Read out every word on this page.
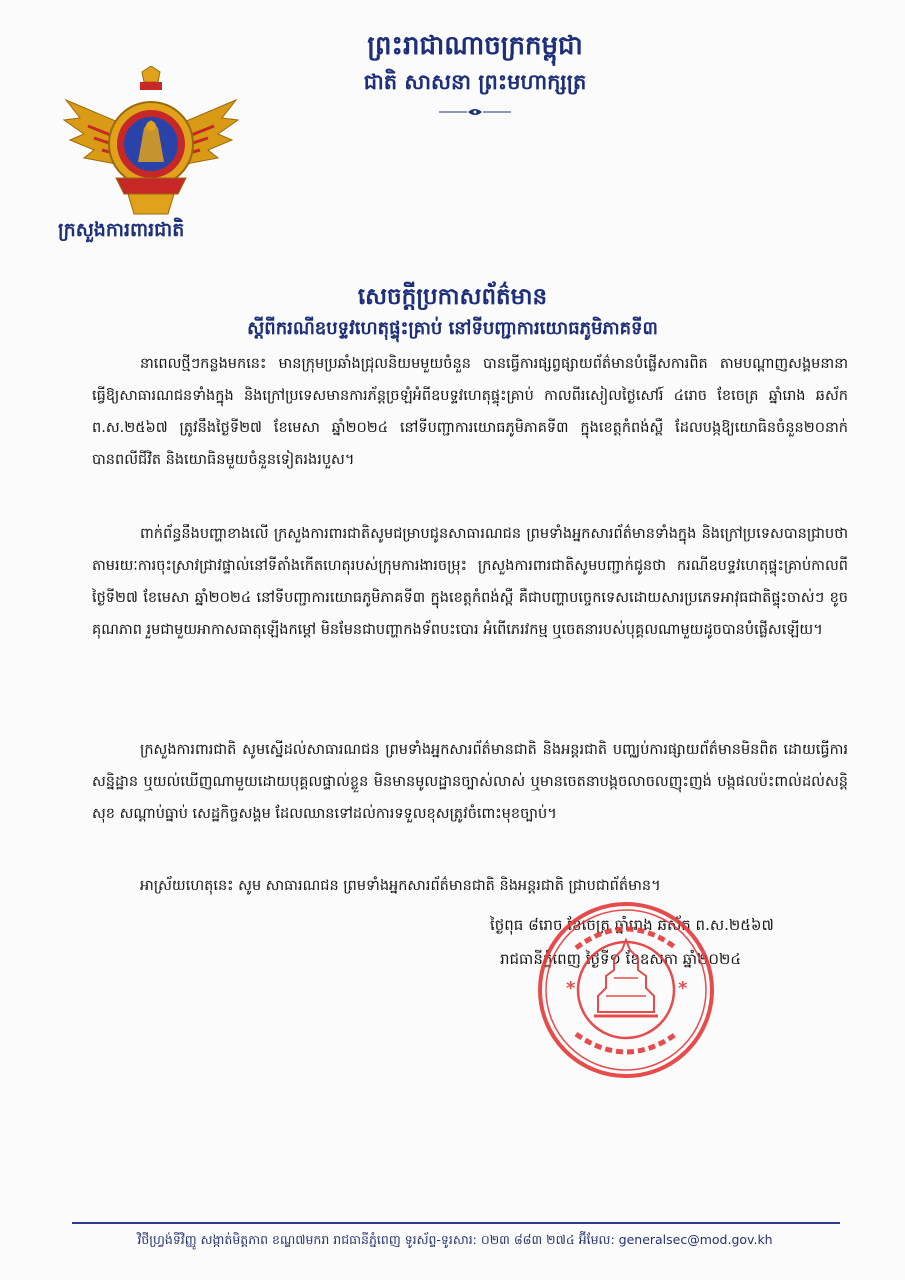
ព្រះរាជាណាចក្រកម្ពុជា
ជាតិ សាសនា ព្រះមហាក្សត្រ
ក្រសួងការពារជាតិ
សេចក្តីប្រកាសព័ត៌មាន
ស្តីពីករណីឧបទ្ទវហេតុផ្ទុះគ្រាប់ នៅទីបញ្ជាការយោធភូមិភាគទី៣
នាពេលថ្មីៗកន្លងមកនេះ មានក្រុមប្រឆាំងជ្រុលនិយមមួយចំនួន បានធ្វើការផ្សព្វផ្សាយព័ត៌មានបំផ្លើសការពិត តាមបណ្តាញសង្គមនានា ធ្វើឱ្យសាធារណជនទាំងក្នុង និងក្រៅប្រទេសមានការភ័ន្តច្រឡំអំពីឧបទ្ទវហេតុផ្ទុះគ្រាប់ កាលពីរសៀលថ្ងៃសៅរ៍ ៤រោច ខែចេត្រ ឆ្នាំរោង ឆស័ក ព.ស.២៥៦៧ ត្រូវនឹងថ្ងៃទី២៧ ខែមេសា ឆ្នាំ២០២៤ នៅទីបញ្ជាការយោធភូមិភាគទី៣ ក្នុងខេត្តកំពង់ស្ពឺ ដែលបង្កឱ្យយោធិនចំនួន២០នាក់ បានពលីជីវិត និងយោធិនមួយចំនួនទៀតរងរបួស។
ពាក់ព័ន្ធនឹងបញ្ហាខាងលើ ក្រសួងការពារជាតិសូមជម្រាបជូនសាធារណជន ព្រមទាំងអ្នកសារព័ត៌មានទាំងក្នុង និងក្រៅប្រទេសបានជ្រាបថា តាមរយៈការចុះស្រាវជ្រាវផ្ទាល់នៅទីតាំងកើតហេតុរបស់ក្រុមការងារចម្រុះ ក្រសួងការពារជាតិសូមបញ្ជាក់ជូនថា ករណីឧបទ្ទវហេតុផ្ទុះគ្រាប់កាលពីថ្ងៃទី២៧ ខែមេសា ឆ្នាំ២០២៤ នៅទីបញ្ជាការយោធភូមិភាគទី៣ ក្នុងខេត្តកំពង់ស្ពឺ គឺជាបញ្ហាបច្ចេកទេសដោយសារប្រភេទអាវុធជាតិផ្ទុះចាស់ៗ ខូចគុណភាព រួមជាមួយអាកាសធាតុឡើងកម្តៅ មិនមែនជាបញ្ហាកងទ័ពបះបោរ អំពើភេរវកម្ម ឬចេតនារបស់បុគ្គលណាមួយដូចបានបំផ្លើសឡើយ។
ក្រសួងការពារជាតិ សូមស្នើដល់សាធារណជន ព្រមទាំងអ្នកសារព័ត៌មានជាតិ និងអន្តរជាតិ បញ្ឈប់ការផ្សាយព័ត៌មានមិនពិត ដោយធ្វើការសន្និដ្ឋាន ឬយល់ឃើញណាមួយដោយបុគ្គលផ្ទាល់ខ្លួន មិនមានមូលដ្ឋានច្បាស់លាស់ ឬមានចេតនាបង្កចលាចលញុះញង់ បង្កផលប៉ះពាល់ដល់សន្តិសុខ សណ្តាប់ធ្នាប់ សេដ្ឋកិច្ចសង្គម ដែលឈានទៅដល់ការទទួលខុសត្រូវចំពោះមុខច្បាប់។
អាស្រ័យហេតុនេះ សូម សាធារណជន ព្រមទាំងអ្នកសារព័ត៌មានជាតិ និងអន្តរជាតិ ជ្រាបជាព័ត៌មាន។
ថ្ងៃពុធ ៨រោច ខែចេត្រ ឆ្នាំរោង ឆស័ក ព.ស.២៥៦៧
រាជធានីភ្នំពេញ ថ្ងៃទី១ ខែឧសភា ឆ្នាំ២០២៤
*	*
វិថីហ្វ្រង់ទីវិញ្ញូ សង្កាត់មិត្តភាព ខណ្ឌ៧មករា រាជធានីភ្នំពេញ ទូរស័ព្ទ-ទូរសារ: ០២៣ ៨៨៣ ២៧៤ អ៊ីមែល: generalsec@mod.gov.kh
